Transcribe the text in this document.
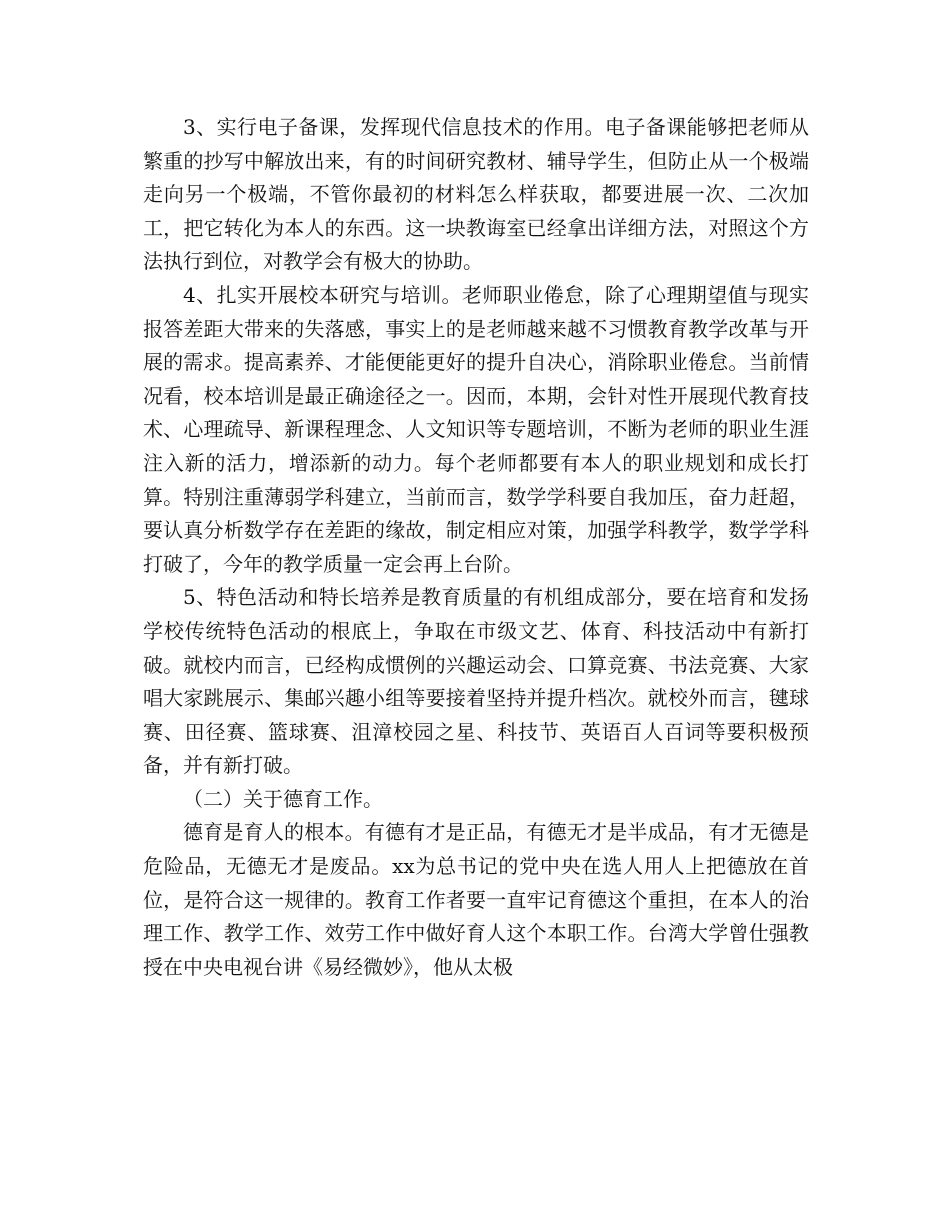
3、实行电子备课，发挥现代信息技术的作用。电子备课能够把老师从繁重的抄写中解放出来，有的时间研究教材、辅导学生，但防止从一个极端走向另一个极端，不管你最初的材料怎么样获取，都要进展一次、二次加工，把它转化为本人的东西。这一块教诲室已经拿出详细方法，对照这个方法执行到位，对教学会有极大的协助。

4、扎实开展校本研究与培训。老师职业倦怠，除了心理期望值与现实报答差距大带来的失落感，事实上的是老师越来越不习惯教育教学改革与开展的需求。提高素养、才能便能更好的提升自决心，消除职业倦怠。当前情况看，校本培训是最正确途径之一。因而，本期，会针对性开展现代教育技术、心理疏导、新课程理念、人文知识等专题培训，不断为老师的职业生涯注入新的活力，增添新的动力。每个老师都要有本人的职业规划和成长打算。特别注重薄弱学科建立，当前而言，数学学科要自我加压，奋力赶超，要认真分析数学存在差距的缘故，制定相应对策，加强学科教学，数学学科打破了，今年的教学质量一定会再上台阶。

5、特色活动和特长培养是教育质量的有机组成部分，要在培育和发扬学校传统特色活动的根底上，争取在市级文艺、体育、科技活动中有新打破。就校内而言，已经构成惯例的兴趣运动会、口算竞赛、书法竞赛、大家唱大家跳展示、集邮兴趣小组等要接着坚持并提升档次。就校外而言，毽球赛、田径赛、篮球赛、沮漳校园之星、科技节、英语百人百词等要积极预备，并有新打破。

（二）关于德育工作。

德育是育人的根本。有德有才是正品，有德无才是半成品，有才无德是危险品，无德无才是废品。xx为总书记的党中央在选人用人上把德放在首位，是符合这一规律的。教育工作者要一直牢记育德这个重担，在本人的治理工作、教学工作、效劳工作中做好育人这个本职工作。台湾大学曾仕强教授在中央电视台讲《易经微妙》，他从太极
